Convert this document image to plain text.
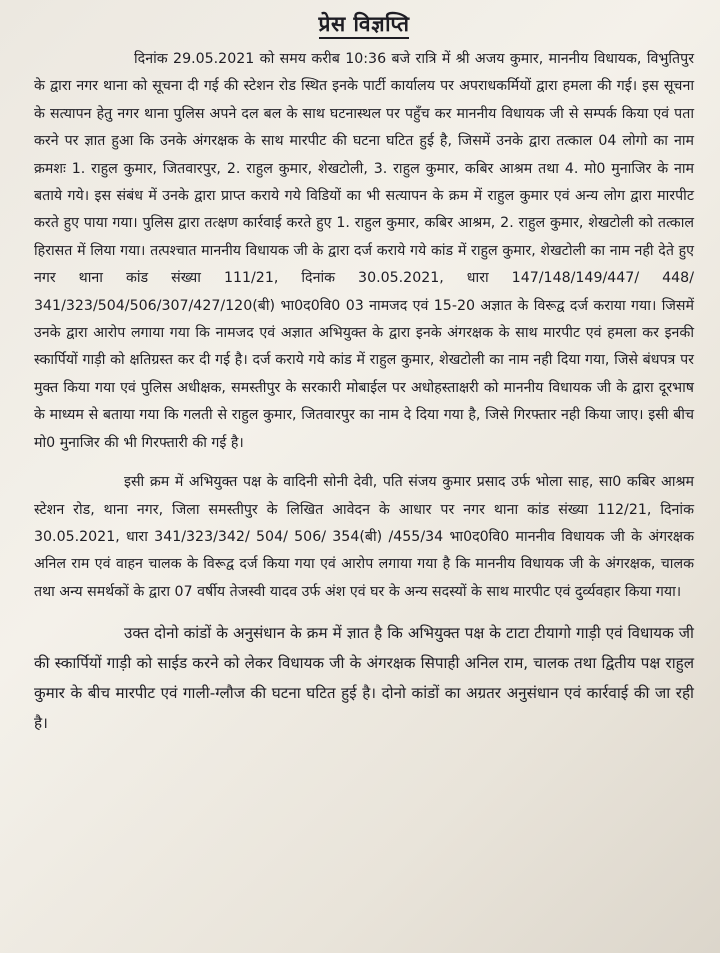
प्रेस विज्ञप्ति

दिनांक 29.05.2021 को समय करीब 10:36 बजे रात्रि में श्री अजय कुमार, माननीय विधायक, विभुतिपुर के द्वारा नगर थाना को सूचना दी गई की स्टेशन रोड स्थित इनके पार्टी कार्यालय पर अपराधकर्मियों द्वारा हमला की गई। इस सूचना के सत्यापन हेतु नगर थाना पुलिस अपने दल बल के साथ घटनास्थल पर पहुँच कर माननीय विधायक जी से सम्पर्क किया एवं पता करने पर ज्ञात हुआ कि उनके अंगरक्षक के साथ मारपीट की घटना घटित हुई है, जिसमें उनके द्वारा तत्काल 04 लोगो का नाम क्रमशः 1. राहुल कुमार, जितवारपुर, 2. राहुल कुमार, शेखटोली, 3. राहुल कुमार, कबिर आश्रम तथा 4. मो0 मुनाजिर के नाम बताये गये। इस संबंध में उनके द्वारा प्राप्त कराये गये विडियों का भी सत्यापन के क्रम में राहुल कुमार एवं अन्य लोग द्वारा मारपीट करते हुए पाया गया। पुलिस द्वारा तत्क्षण कार्रवाई करते हुए 1. राहुल कुमार, कबिर आश्रम, 2. राहुल कुमार, शेखटोली को तत्काल हिरासत में लिया गया। तत्पश्चात माननीय विधायक जी के द्वारा दर्ज कराये गये कांड में राहुल कुमार, शेखटोली का नाम नही देते हुए नगर थाना कांड संख्या 111/21, दिनांक 30.05.2021, धारा 147/148/149/447/ 448/ 341/323/504/506/307/427/120(बी) भा0द0वि0 03 नामजद एवं 15-20 अज्ञात के विरूद्व दर्ज कराया गया। जिसमें उनके द्वारा आरोप लगाया गया कि नामजद एवं अज्ञात अभियुक्त के द्वारा इनके अंगरक्षक के साथ मारपीट एवं हमला कर इनकी स्कार्पियों गाड़ी को क्षतिग्रस्त कर दी गई है। दर्ज कराये गये कांड में राहुल कुमार, शेखटोली का नाम नही दिया गया, जिसे बंधपत्र पर मुक्त किया गया एवं पुलिस अधीक्षक, समस्तीपुर के सरकारी मोबाईल पर अधोहस्ताक्षरी को माननीय विधायक जी के द्वारा दूरभाष के माध्यम से बताया गया कि गलती से राहुल कुमार, जितवारपुर का नाम दे दिया गया है, जिसे गिरफ्तार नही किया जाए। इसी बीच मो0 मुनाजिर की भी गिरफ्तारी की गई है।

इसी क्रम में अभियुक्त पक्ष के वादिनी सोनी देवी, पति संजय कुमार प्रसाद उर्फ भोला साह, सा0 कबिर आश्रम स्टेशन रोड, थाना नगर, जिला समस्तीपुर के लिखित आवेदन के आधार पर नगर थाना कांड संख्या 112/21, दिनांक 30.05.2021, धारा 341/323/342/ 504/ 506/ 354(बी) /455/34 भा0द0वि0 माननीव विधायक जी के अंगरक्षक अनिल राम एवं वाहन चालक के विरूद्व दर्ज किया गया एवं आरोप लगाया गया है कि माननीय विधायक जी के अंगरक्षक, चालक तथा अन्य समर्थकों के द्वारा 07 वर्षीय तेजस्वी यादव उर्फ अंश एवं घर के अन्य सदस्यों के साथ मारपीट एवं दुर्व्यवहार किया गया।

उक्त दोनो कांडों के अनुसंधान के क्रम में ज्ञात है कि अभियुक्त पक्ष के टाटा टीयागो गाड़ी एवं विधायक जी की स्कार्पियों गाड़ी को साईड करने को लेकर विधायक जी के अंगरक्षक सिपाही अनिल राम, चालक तथा द्वितीय पक्ष राहुल कुमार के बीच मारपीट एवं गाली-ग्लौज की घटना घटित हुई है। दोनो कांडों का अग्रतर अनुसंधान एवं कार्रवाई की जा रही है।
